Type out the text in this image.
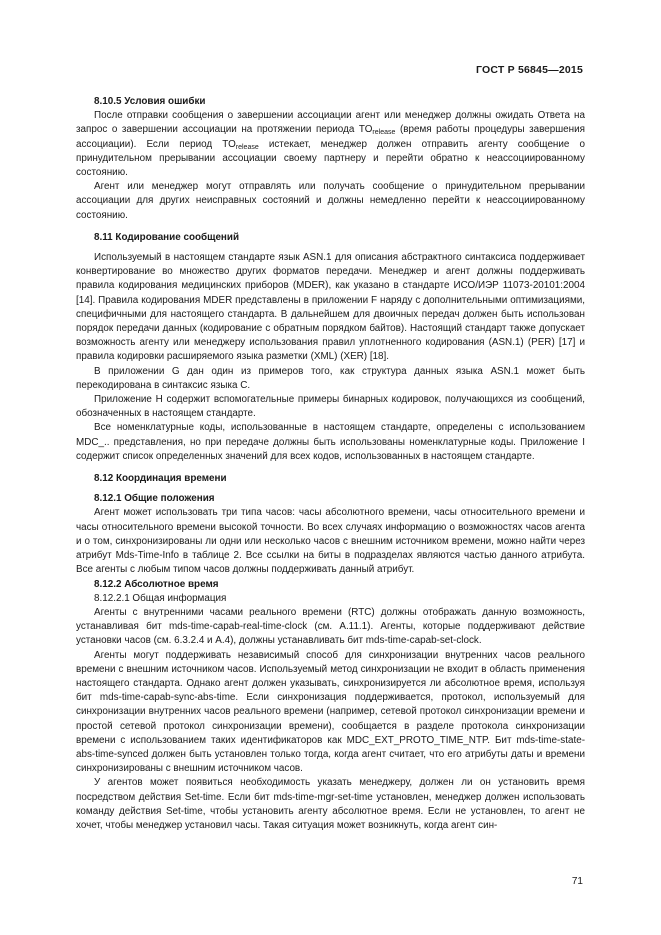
ГОСТ Р 56845—2015

8.10.5 Условия ошибки

После отправки сообщения о завершении ассоциации агент или менеджер должны ожидать Ответа на запрос о завершении ассоциации на протяжении периода $TO_{release}$ (время работы процедуры завершения ассоциации). Если период $TO_{release}$ истекает, менеджер должен отправить агенту сообщение о принудительном прерывании ассоциации своему партнеру и перейти обратно к неассоциированному состоянию.

Агент или менеджер могут отправлять или получать сообщение о принудительном прерывании ассоциации для других неисправных состояний и должны немедленно перейти к неассоциированному состоянию.

8.11 Кодирование сообщений

Используемый в настоящем стандарте язык ASN.1 для описания абстрактного синтаксиса поддерживает конвертирование во множество других форматов передачи. Менеджер и агент должны поддерживать правила кодирования медицинских приборов (MDER), как указано в стандарте ИСО/ИЭР 11073-20101:2004 [14]. Правила кодирования MDER представлены в приложении F наряду с дополнительными оптимизациями, специфичными для настоящего стандарта. В дальнейшем для двоичных передач должен быть использован порядок передачи данных (кодирование с обратным порядком байтов). Настоящий стандарт также допускает возможность агенту или менеджеру использования правил уплотненного кодирования (ASN.1) (PER) [17] и правила кодировки расширяемого языка разметки (XML) (XER) [18].

В приложении G дан один из примеров того, как структура данных языка ASN.1 может быть перекодирована в синтаксис языка C.

Приложение H содержит вспомогательные примеры бинарных кодировок, получающихся из сообщений, обозначенных в настоящем стандарте.

Все номенклатурные коды, использованные в настоящем стандарте, определены с использованием MDC_.. представления, но при передаче должны быть использованы номенклатурные коды. Приложение I содержит список определенных значений для всех кодов, использованных в настоящем стандарте.

8.12 Координация времени

8.12.1 Общие положения

Агент может использовать три типа часов: часы абсолютного времени, часы относительного времени и часы относительного времени высокой точности. Во всех случаях информацию о возможностях часов агента и о том, синхронизированы ли одни или несколько часов с внешним источником времени, можно найти через атрибут Mds-Time-Info в таблице 2. Все ссылки на биты в подразделах являются частью данного атрибута. Все агенты с любым типом часов должны поддерживать данный атрибут.

8.12.2 Абсолютное время

8.12.2.1 Общая информация

Агенты с внутренними часами реального времени (RTC) должны отображать данную возможность, устанавливая бит mds-time-capab-real-time-clock (см. A.11.1). Агенты, которые поддерживают действие установки часов (см. 6.3.2.4 и A.4), должны устанавливать бит mds-time-capab-set-clock.

Агенты могут поддерживать независимый способ для синхронизации внутренних часов реального времени с внешним источником часов. Используемый метод синхронизации не входит в область применения настоящего стандарта. Однако агент должен указывать, синхронизируется ли абсолютное время, используя бит mds-time-capab-sync-abs-time. Если синхронизация поддерживается, протокол, используемый для синхронизации внутренних часов реального времени (например, сетевой протокол синхронизации времени и простой сетевой протокол синхронизации времени), сообщается в разделе протокола синхронизации времени с использованием таких идентификаторов как MDC_EXT_PROTO_TIME_NTP. Бит mds-time-state-abs-time-synced должен быть установлен только тогда, когда агент считает, что его атрибуты даты и времени синхронизированы с внешним источником часов.

У агентов может появиться необходимость указать менеджеру, должен ли он установить время посредством действия Set-time. Если бит mds-time-mgr-set-time установлен, менеджер должен использовать команду действия Set-time, чтобы установить агенту абсолютное время. Если не установлен, то агент не хочет, чтобы менеджер установил часы. Такая ситуация может возникнуть, когда агент син-

71
